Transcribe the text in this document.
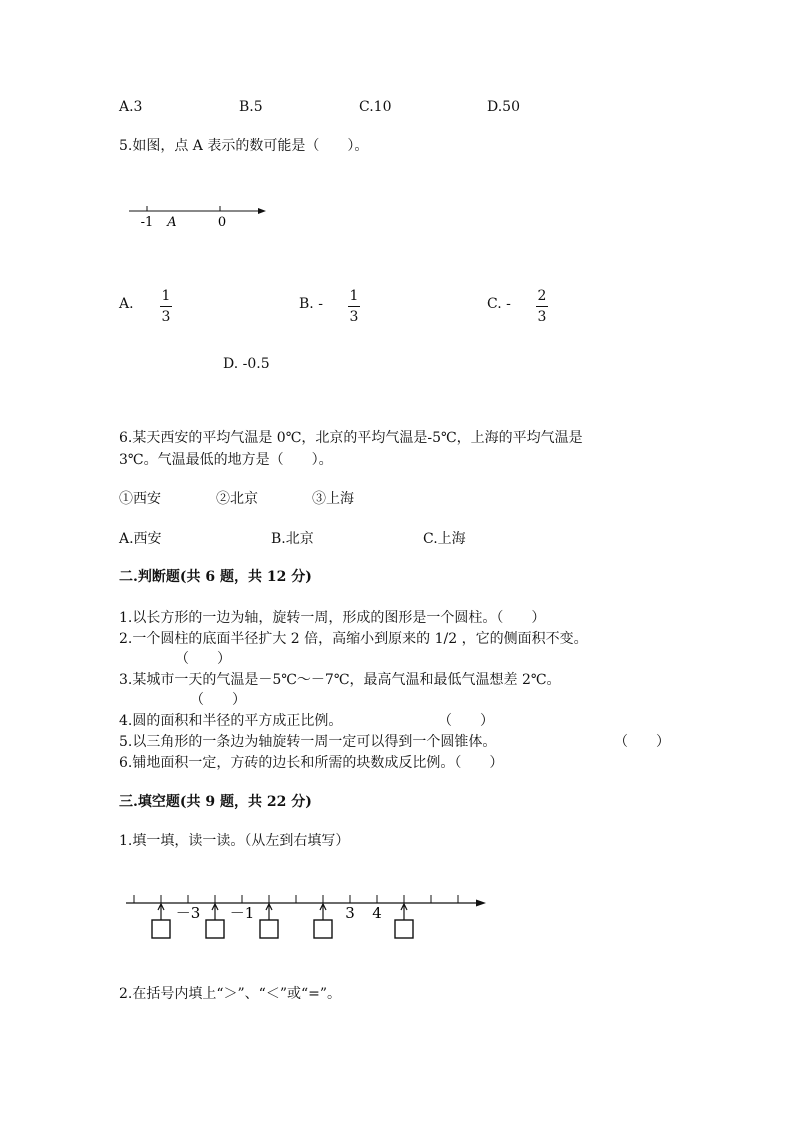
A.3	B.5	C.10	D.50
5.如图，点 A 表示的数可能是（　　）。
-1 A	0
A. 1
3
B. - 1
3
C. - 2
3
D. -0.5
6.某天西安的平均气温是 0℃，北京的平均气温是-5℃，上海的平均气温是
3℃。气温最低的地方是（　　）。
①西安	②北京	③上海
A.西安	B.北京	C.上海
二.判断题(共 6 题，共 12 分)
1.以长方形的一边为轴，旋转一周，形成的图形是一个圆柱。（　　）
2.一个圆柱的底面半径扩大 2 倍，高缩小到原来的 1/2 ，它的侧面积不变。
（　　）
3.某城市一天的气温是－5℃～－7℃，最高气温和最低气温想差 2℃。
（　　）
4.圆的面积和半径的平方成正比例。	（　　）
5.以三角形的一条边为轴旋转一周一定可以得到一个圆锥体。	（　　）
6.铺地面积一定，方砖的边长和所需的块数成反比例。（　　）
三.填空题(共 9 题，共 22 分)
1.填一填，读一读。（从左到右填写）
－3 －1	3 4
2.在括号内填上“＞”、“＜”或“=”。
